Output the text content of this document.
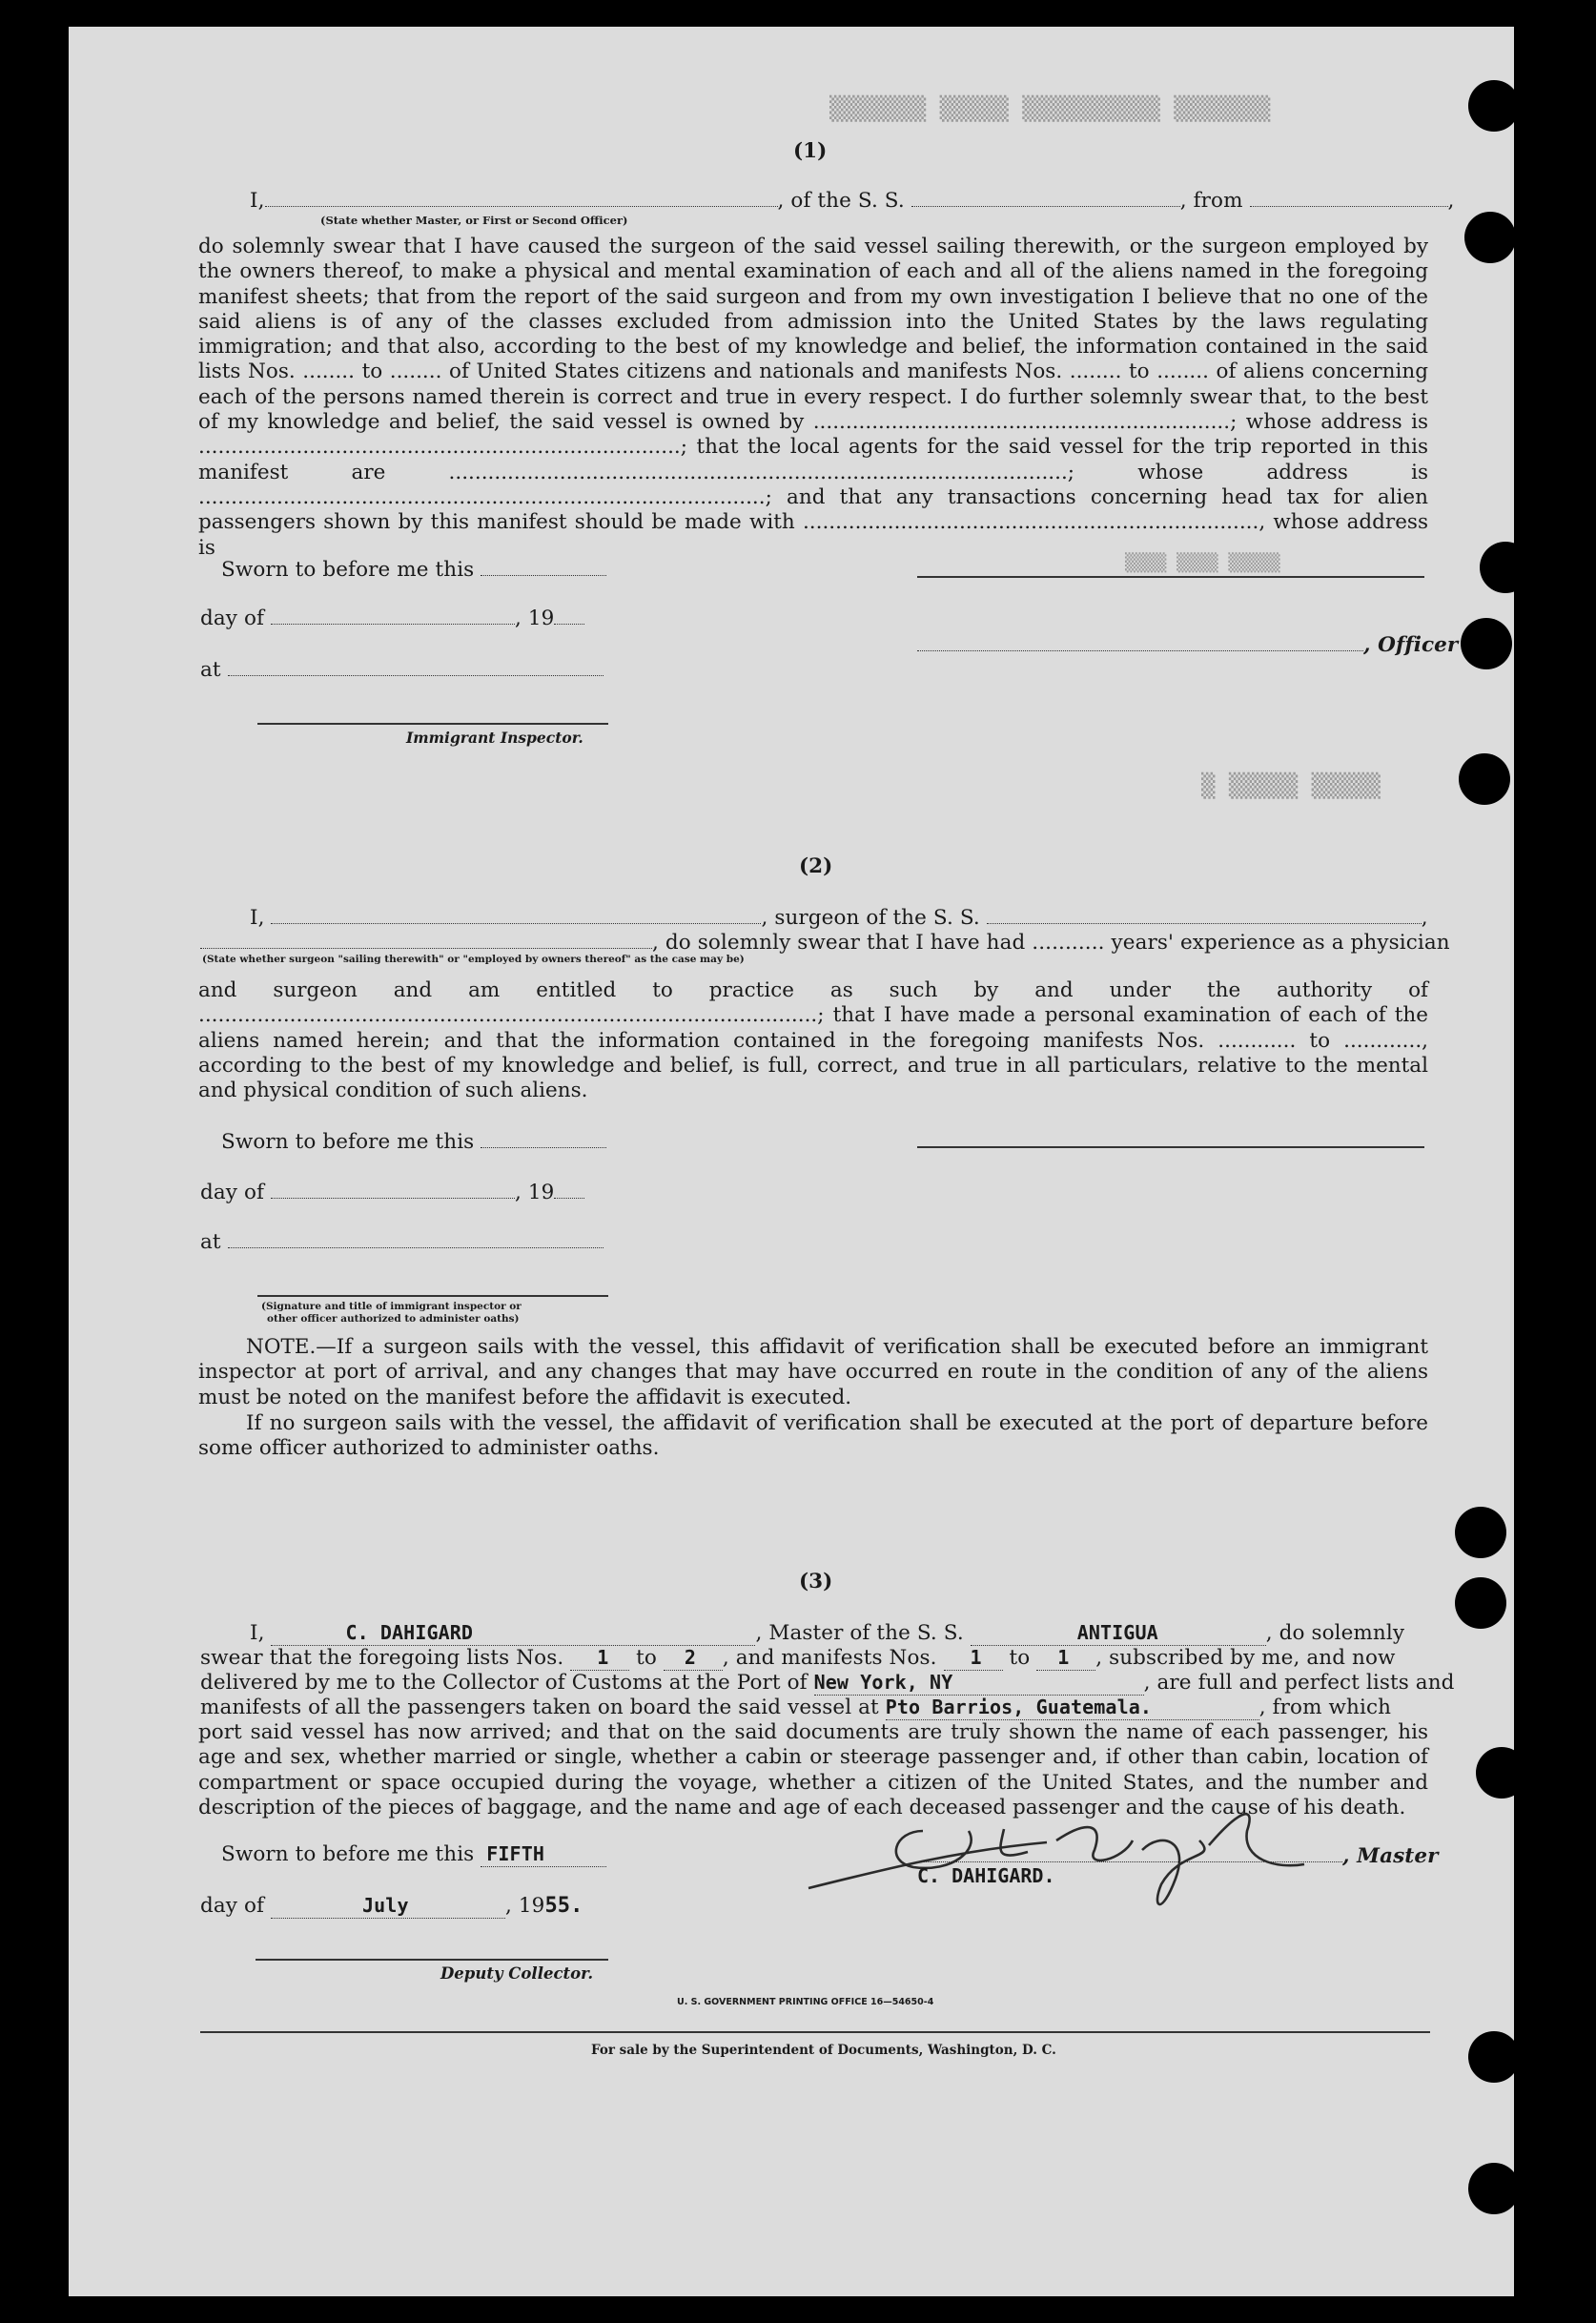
▒▒▒▒▒▒▒ ▒▒▒▒▒ ▒▒▒▒▒▒▒▒▒▒ ▒▒▒▒▒▒▒
▒▒▒▒ ▒▒▒▒ ▒▒▒▒▒
▒ ▒▒▒▒▒ ▒▒▒▒▒
(1)
I,	, of the S. S.	, from	,
(State whether Master, or First or Second Officer)
do solemnly swear that I have caused the surgeon of the said vessel sailing therewith, or the surgeon employed by the owners thereof, to make a physical and mental examination of each and all of the aliens named in the foregoing manifest sheets; that from the report of the said surgeon and from my own investigation I believe that no one of the said aliens is of any of the classes excluded from admission into the United States by the laws regulating immigration; and that also, according to the best of my knowledge and belief, the information contained in the said lists Nos. ........ to ........ of United States citizens and nationals and manifests Nos. ........ to ........ of aliens concerning each of the persons named therein is correct and true in every respect. I do further solemnly swear that, to the best of my knowledge and belief, the said vessel is owned by ................................................................; whose address is ..........................................................................; that the local agents for the said vessel for the trip reported in this manifest are ...............................................................................................; whose address is .......................................................................................; and that any transactions concerning head tax for alien passengers shown by this manifest should be made with ......................................................................, whose address is
Sworn to before me this
day of	, 19
, Officer
at
Immigrant Inspector.
(2)
I,	, surgeon of the S. S.	,
, do solemnly swear that I have had ........... years' experience as a physician
(State whether surgeon "sailing therewith" or "employed by owners thereof" as the case may be)
and surgeon and am entitled to practice as such by and under the authority of ...............................................................................................; that I have made a personal examination of each of the aliens named herein; and that the information contained in the foregoing manifests Nos. ............ to ............, according to the best of my knowledge and belief, is full, correct, and true in all particulars, relative to the mental and physical condition of such aliens.
Sworn to before me this
day of	, 19
at
(Signature and title of immigrant inspector or
other officer authorized to administer oaths)
NOTE.—If a surgeon sails with the vessel, this affidavit of verification shall be executed before an immigrant inspector at port of arrival, and any changes that may have occurred en route in the condition of any of the aliens must be noted on the manifest before the affidavit is executed.
If no surgeon sails with the vessel, the affidavit of verification shall be executed at the port of departure before some officer authorized to administer oaths.
(3)
I,	C. DAHIGARD	, Master of the S. S.	ANTIGUA	, do solemnly
swear that the foregoing lists Nos. 1 to 2 , and manifests Nos. 1 to 1 , subscribed by me, and now
delivered by me to the Collector of Customs at the Port of New York, NY	, are full and perfect lists and
manifests of all the passengers taken on board the said vessel at Pto Barrios, Guatemala.	, from which
port said vessel has now arrived; and that on the said documents are truly shown the name of each passenger, his age and sex, whether married or single, whether a cabin or steerage passenger and, if other than cabin, location of compartment or space occupied during the voyage, whether a citizen of the United States, and the number and description of the pieces of baggage, and the name and age of each deceased passenger and the cause of his death.
Sworn to before me this FIFTH	, Master
C. DAHIGARD.
day of	July	, 1955.
Deputy Collector.
U. S. GOVERNMENT PRINTING OFFICE 16—54650-4
For sale by the Superintendent of Documents, Washington, D. C.
